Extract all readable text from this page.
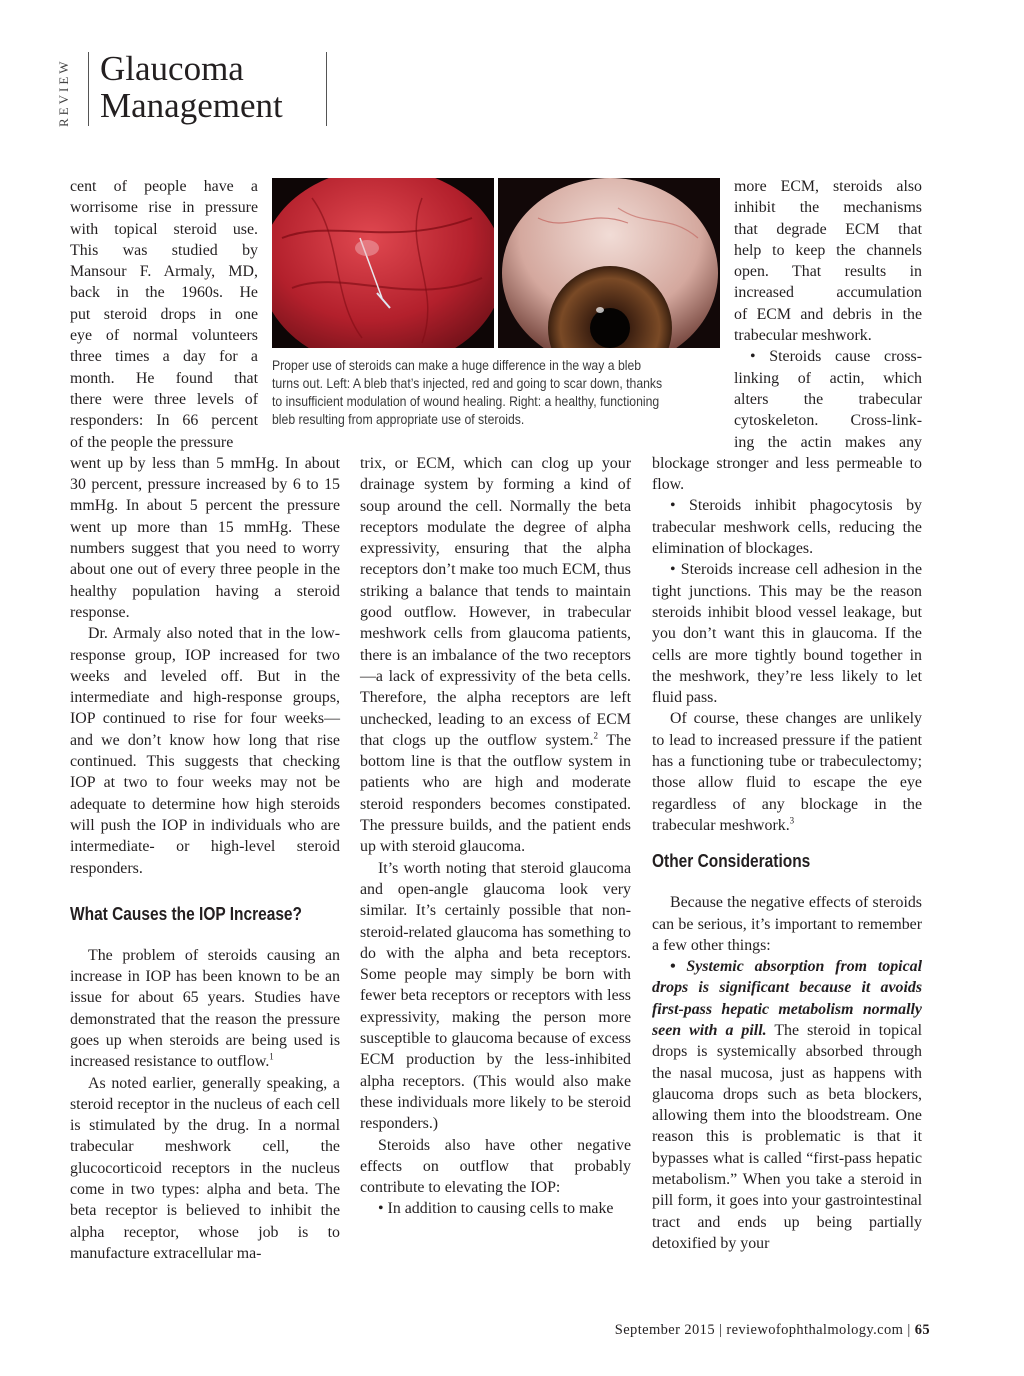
REVIEW Glaucoma
Management
cent of people have a
worrisome rise in pressure
with topical steroid use.
This was studied by
Mansour F. Armaly, MD,
back in the 1960s. He
put steroid drops in one
eye of normal volunteers
three times a day for a
month. He found that
there were three levels of
responders: In 66 percent
of the people the pressure

went up by less than 5 mmHg. In about 30 percent, pressure increased by 6 to 15 mmHg. In about 5 percent the pressure went up more than 15 mmHg. These numbers suggest that you need to worry about one out of every three people in the healthy population having a steroid response.

Dr. Armaly also noted that in the low-response group, IOP increased for two weeks and leveled off. But in the intermediate and high-response groups, IOP continued to rise for four weeks—and we don’t know how long that rise continued. This suggests that checking IOP at two to four weeks may not be adequate to determine how high steroids will push the IOP in individuals who are intermediate- or high-level steroid responders.

What Causes the IOP Increase?

The problem of steroids causing an increase in IOP has been known to be an issue for about 65 years. Studies have demonstrated that the reason the pressure goes up when steroids are being used is increased resistance to outflow.$^1$

As noted earlier, generally speaking, a steroid receptor in the nucleus of each cell is stimulated by the drug. In a normal trabecular meshwork cell, the glucocorticoid receptors in the nucleus come in two types: alpha and beta. The beta receptor is believed to inhibit the alpha receptor, whose job is to manufacture extracellular ma-

Proper use of steroids can make a huge difference in the way a bleb
turns out. Left: A bleb that’s injected, red and going to scar down, thanks
to insufficient modulation of wound healing. Right: a healthy, functioning
bleb resulting from appropriate use of steroids.

trix, or ECM, which can clog up your drainage system by forming a kind of soup around the cell. Normally the beta receptors modulate the degree of alpha expressivity, ensuring that the alpha receptors don’t make too much ECM, thus striking a balance that tends to maintain good outflow. However, in trabecular meshwork cells from glaucoma patients, there is an imbalance of the two receptors—a lack of expressivity of the beta cells. Therefore, the alpha receptors are left unchecked, leading to an excess of ECM that clogs up the outflow system.$^2$ The bottom line is that the outflow system in patients who are high and moderate steroid responders becomes constipated. The pressure builds, and the patient ends up with steroid glaucoma.

It’s worth noting that steroid glaucoma and open-angle glaucoma look very similar. It’s certainly possible that non-steroid-related glaucoma has something to do with the alpha and beta receptors. Some people may simply be born with fewer beta receptors or receptors with less expressivity, making the person more susceptible to glaucoma because of excess ECM production by the less-inhibited alpha receptors. (This would also make these individuals more likely to be steroid responders.)

Steroids also have other negative effects on outflow that probably contribute to elevating the IOP:

• In addition to causing cells to make

more ECM, steroids also
inhibit the mechanisms
that degrade ECM that
help to keep the channels
open. That results in
increased accumulation
of ECM and debris in the
trabecular meshwork.
• Steroids cause cross-
linking of actin, which
alters the trabecular
cytoskeleton. Cross-link-
ing the actin makes any

blockage stronger and less permeable to flow.

• Steroids inhibit phagocytosis by trabecular meshwork cells, reducing the elimination of blockages.

• Steroids increase cell adhesion in the tight junctions. This may be the reason steroids inhibit blood vessel leakage, but you don’t want this in glaucoma. If the cells are more tightly bound together in the meshwork, they’re less likely to let fluid pass.

Of course, these changes are unlikely to lead to increased pressure if the patient has a functioning tube or trabeculectomy; those allow fluid to escape the eye regardless of any blockage in the trabecular meshwork.$^3$

Other Considerations

Because the negative effects of steroids can be serious, it’s important to remember a few other things:

• Systemic absorption from topical drops is significant because it avoids first-pass hepatic metabolism normally seen with a pill. The steroid in topical drops is systemically absorbed through the nasal mucosa, just as happens with glaucoma drops such as beta blockers, allowing them into the bloodstream. One reason this is problematic is that it bypasses what is called “first-pass hepatic metabolism.” When you take a steroid in pill form, it goes into your gastrointestinal tract and ends up being partially detoxified by your

September 2015 | reviewofophthalmology.com | 65
